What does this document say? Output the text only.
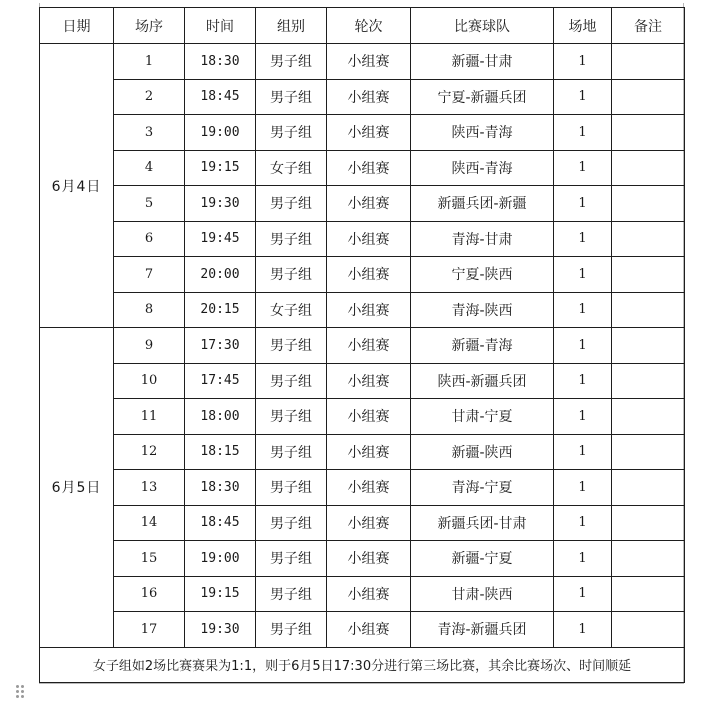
日期	场序	时间	组别	轮次	比赛球队	场地	备注
6月4日	1	18:30	男子组	小组赛	新疆-甘肃	1	
	2	18:45	男子组	小组赛	宁夏-新疆兵团	1	
	3	19:00	男子组	小组赛	陕西-青海	1	
	4	19:15	女子组	小组赛	陕西-青海	1	
	5	19:30	男子组	小组赛	新疆兵团-新疆	1	
	6	19:45	男子组	小组赛	青海-甘肃	1	
	7	20:00	男子组	小组赛	宁夏-陕西	1	
	8	20:15	女子组	小组赛	青海-陕西	1	
6月5日	9	17:30	男子组	小组赛	新疆-青海	1	
	10	17:45	男子组	小组赛	陕西-新疆兵团	1	
	11	18:00	男子组	小组赛	甘肃-宁夏	1	
	12	18:15	男子组	小组赛	新疆-陕西	1	
	13	18:30	男子组	小组赛	青海-宁夏	1	
	14	18:45	男子组	小组赛	新疆兵团-甘肃	1	
	15	19:00	男子组	小组赛	新疆-宁夏	1	
	16	19:15	男子组	小组赛	甘肃-陕西	1	
	17	19:30	男子组	小组赛	青海-新疆兵团	1	
女子组如2场比赛赛果为1:1，则于6月5日17:30分进行第三场比赛，其余比赛场次、时间顺延							
